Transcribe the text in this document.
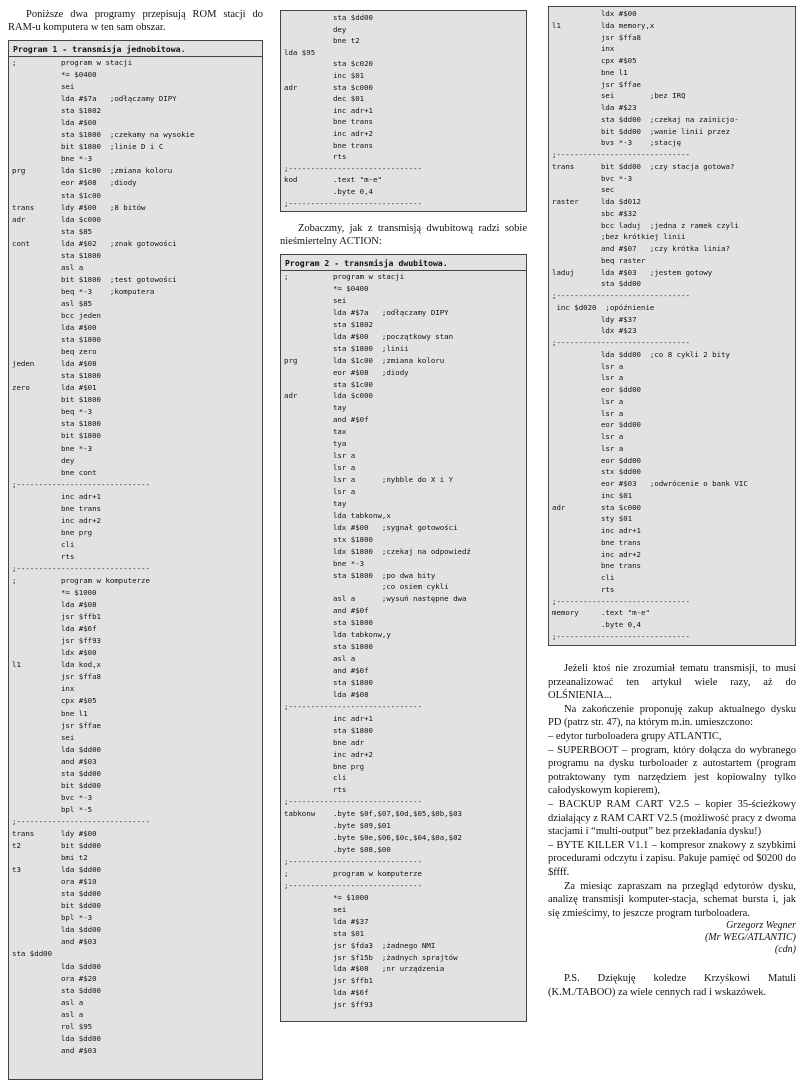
Poniższe dwa programy przepisują ROM stacji do RAM-u komputera w ten sam obszar.

Program 1 - transmisja jednobitowa.
;          program w stacji
*= $0400
sei
lda #$7a   ;odłączamy DIPY
sta $1802
lda #$00
sta $1800  ;czekamy na wysokie
bit $1800  ;linie D i C
bne *-3
prg        lda $1c00  ;zmiana koloru
eor #$08   ;diody
sta $1c00
trans      ldy #$00   ;8 bitów
adr        lda $c000
sta $85
cont       lda #$02   ;znak gotowości
sta $1800
asl a
bit $1800  ;test gotowości
beq *-3    ;komputera
asl $85
bcc jeden
lda #$00
sta $1800
beq zero
jeden      lda #$08
sta $1800
zero       lda #$01
bit $1800
beq *-3
sta $1800
bit $1800
bne *-3
dey
bne cont
;------------------------------
inc adr+1
bne trans
inc adr+2
bne prg
cli
rts
;------------------------------
;          program w komputerze
*= $1000
lda #$08
jsr $ffb1
lda #$6f
jsr $ff93
ldx #$00
l1         lda kod,x
jsr $ffa8
inx
cpx #$05
bne l1
jsr $ffae
sei
lda $dd00
and #$03
sta $dd00
bit $dd00
bvc *-3
bpl *-5
;------------------------------
trans      ldy #$00
t2         bit $dd00
bmi t2
t3         lda $dd00
ora #$10
sta $dd00
bit $dd00
bpl *-3
lda $dd00
and #$03
sta $dd00
lda $dd00
ora #$20
sta $dd00
asl a
asl a
rol $95
lda $dd00
and #$03
sta $dd00
dey
bne t2
lda $95
sta $c020
inc $01
adr        sta $c000
dec $01
inc adr+1
bne trans
inc adr+2
bne trans
rts
;------------------------------
kod        .text "m-e"
.byte 0,4
;------------------------------

Zobaczmy, jak z transmisją dwubitową radzi sobie nieśmiertelny ACTION:

Program 2 - transmisja dwubitowa.
;          program w stacji
*= $0400
sei
lda #$7a   ;odłączamy DIPY
sta $1802
lda #$00   ;początkowy stan
sta $1800  ;linii
prg        lda $1c00  ;zmiana koloru
eor #$08   ;diody
sta $1c00
adr        lda $c000
tay
and #$0f
tax
tya
lsr a
lsr a
lsr a      ;nybble do X i Y
lsr a
tay
lda tabkonw,x
ldx #$00   ;sygnał gotowości
stx $1800
ldx $1800  ;czekaj na odpowiedź
bne *-3
sta $1800  ;po dwa bity
;co osiem cykli
asl a      ;wysuń następne dwa
and #$0f
sta $1800
lda tabkonw,y
sta $1800
asl a
and #$0f
sta $1800
lda #$08
;------------------------------
inc adr+1
sta $1800
bne adr
inc adr+2
bne prg
cli
rts
;------------------------------
tabkonw    .byte $0f,$07,$0d,$05,$0b,$03
.byte $09,$01
.byte $0e,$06,$0c,$04,$0a,$02
.byte $08,$00
;------------------------------
;          program w komputerze
;------------------------------
*= $1000
sei
lda #$37
sta $01
jsr $fda3  ;żadnego NMI
jsr $f15b  ;żadnych sprajtów
lda #$08   ;nr urządzenia
jsr $ffb1
lda #$6f
jsr $ff93
ldx #$00
l1         lda memory,x
jsr $ffa8
inx
cpx #$05
bne l1
jsr $ffae
sei        ;bez IRQ
lda #$23
sta $dd00  ;czekaj na zainicjo-
bit $dd00  ;wanie linii przez
bvs *-3    ;stację
;------------------------------
trans      bit $dd00  ;czy stacja gotowa?
bvc *-3
sec
raster     lda $d012
sbc #$32
bcc laduj  ;jedna z ramek czyli
;bez krótkiej linii
and #$07   ;czy krótka linia?
beq raster
laduj      lda #$03   ;jestem gotowy
sta $dd00
;------------------------------
inc $d020  ;opóźnienie
ldy #$37
ldx #$23
;------------------------------
lda $dd00  ;co 8 cykli 2 bity
lsr a
lsr a
eor $dd00
lsr a
lsr a
eor $dd00
lsr a
lsr a
eor $dd00
stx $dd00
eor #$03   ;odwrócenie o bank VIC
inc $01
adr        sta $c000
sty $01
inc adr+1
bne trans
inc adr+2
bne trans
cli
rts
;------------------------------
memory     .text "m-e"
.byte 0,4
;------------------------------

Jeżeli ktoś nie zrozumiał tematu transmisji, to musi przeanalizować ten artykuł wiele razy, aż do OLŚNIENIA...

Na zakończenie proponuję zakup aktualnego dysku PD (patrz str. 47), na którym m.in. umieszczono:

– edytor turboloadera grupy ATLANTIC,

– SUPERBOOT – program, który dołącza do wybranego programu na dysku turboloader z autostartem (program potraktowany tym narzędziem jest kopiowalny tylko całodyskowym kopierem),

– BACKUP RAM CART V2.5 – kopier 35-ścieżkowy działający z RAM CART V2.5 (możliwość pracy z dwoma stacjami i “multi-output” bez przekładania dysku!)

– BYTE KILLER V1.1 – kompresor znakowy z szybkimi procedurami odczytu i zapisu. Pakuje pamięć od $0200 do $ffff.

Za miesiąc zapraszam na przegląd edytorów dysku, analizę transmisji komputer-stacja, schemat bursta i, jak się zmieścimy, to jeszcze program turboloadera.

Grzegorz Wegner
(Mr WEG/ATLANTIC)
(cdn)

P.S. Dziękuję koledze Krzyśkowi Matuli (K.M./TABOO) za wiele cennych rad i wskazówek.
